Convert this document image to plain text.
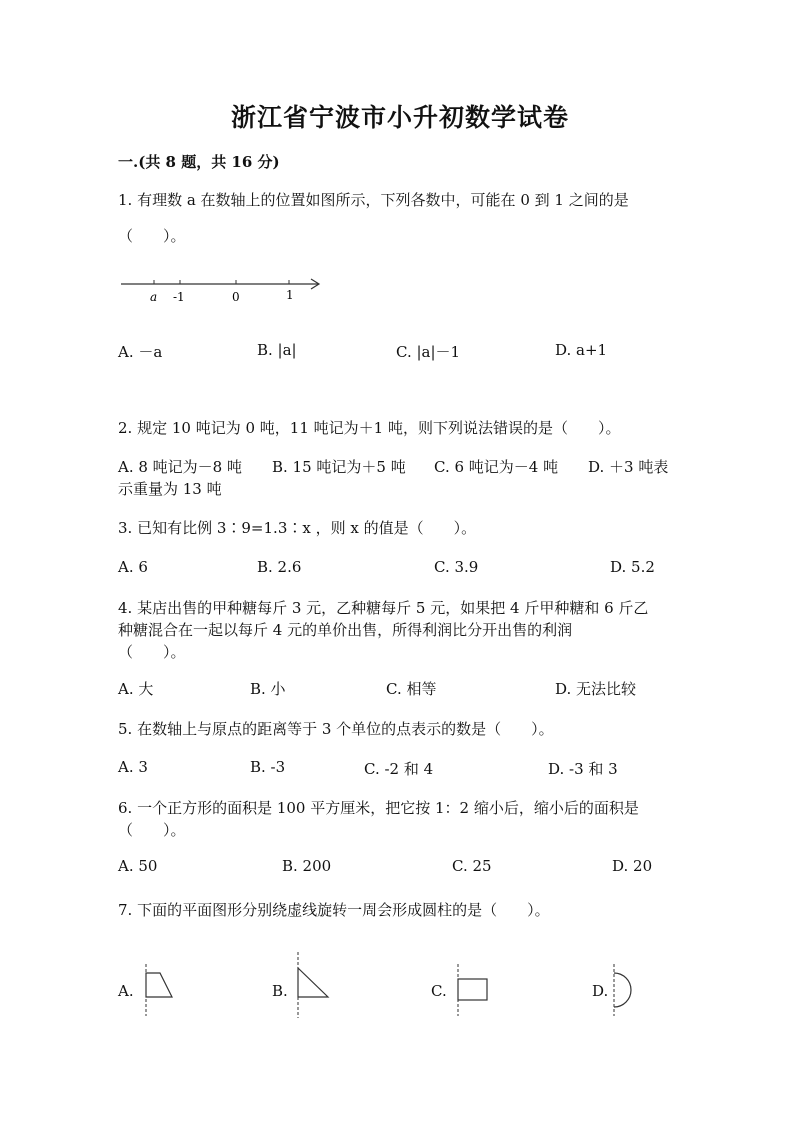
浙江省宁波市小升初数学试卷
一.(共 8 题，共 16 分)
1. 有理数 a 在数轴上的位置如图所示，下列各数中，可能在 0 到 1 之间的是
（　　）。
a -1	0	1
A. －a	B. |a|	C. |a|－1	D. a+1
2. 规定 10 吨记为 0 吨，11 吨记为＋1 吨，则下列说法错误的是（　　）。
A. 8 吨记为－8 吨 B. 15 吨记为＋5 吨 C. 6 吨记为－4 吨 D. ＋3 吨表
示重量为 13 吨
3. 已知有比例 3∶9=1.3∶x ，则 x 的值是（　　）。
A. 6	B. 2.6	C. 3.9	D. 5.2
4. 某店出售的甲种糖每斤 3 元，乙种糖每斤 5 元，如果把 4 斤甲种糖和 6 斤乙
种糖混合在一起以每斤 4 元的单价出售，所得利润比分开出售的利润
（　　）。
A. 大	B. 小	C. 相等	D. 无法比较
5. 在数轴上与原点的距离等于 3 个单位的点表示的数是（　　）。
A. 3	B. -3	C. -2 和 4	D. -3 和 3
6. 一个正方形的面积是 100 平方厘米，把它按 1：2 缩小后，缩小后的面积是
（　　）。
A. 50	B. 200	C. 25	D. 20
7. 下面的平面图形分别绕虚线旋转一周会形成圆柱的是（　　）。
A.	B.	C.	D.
